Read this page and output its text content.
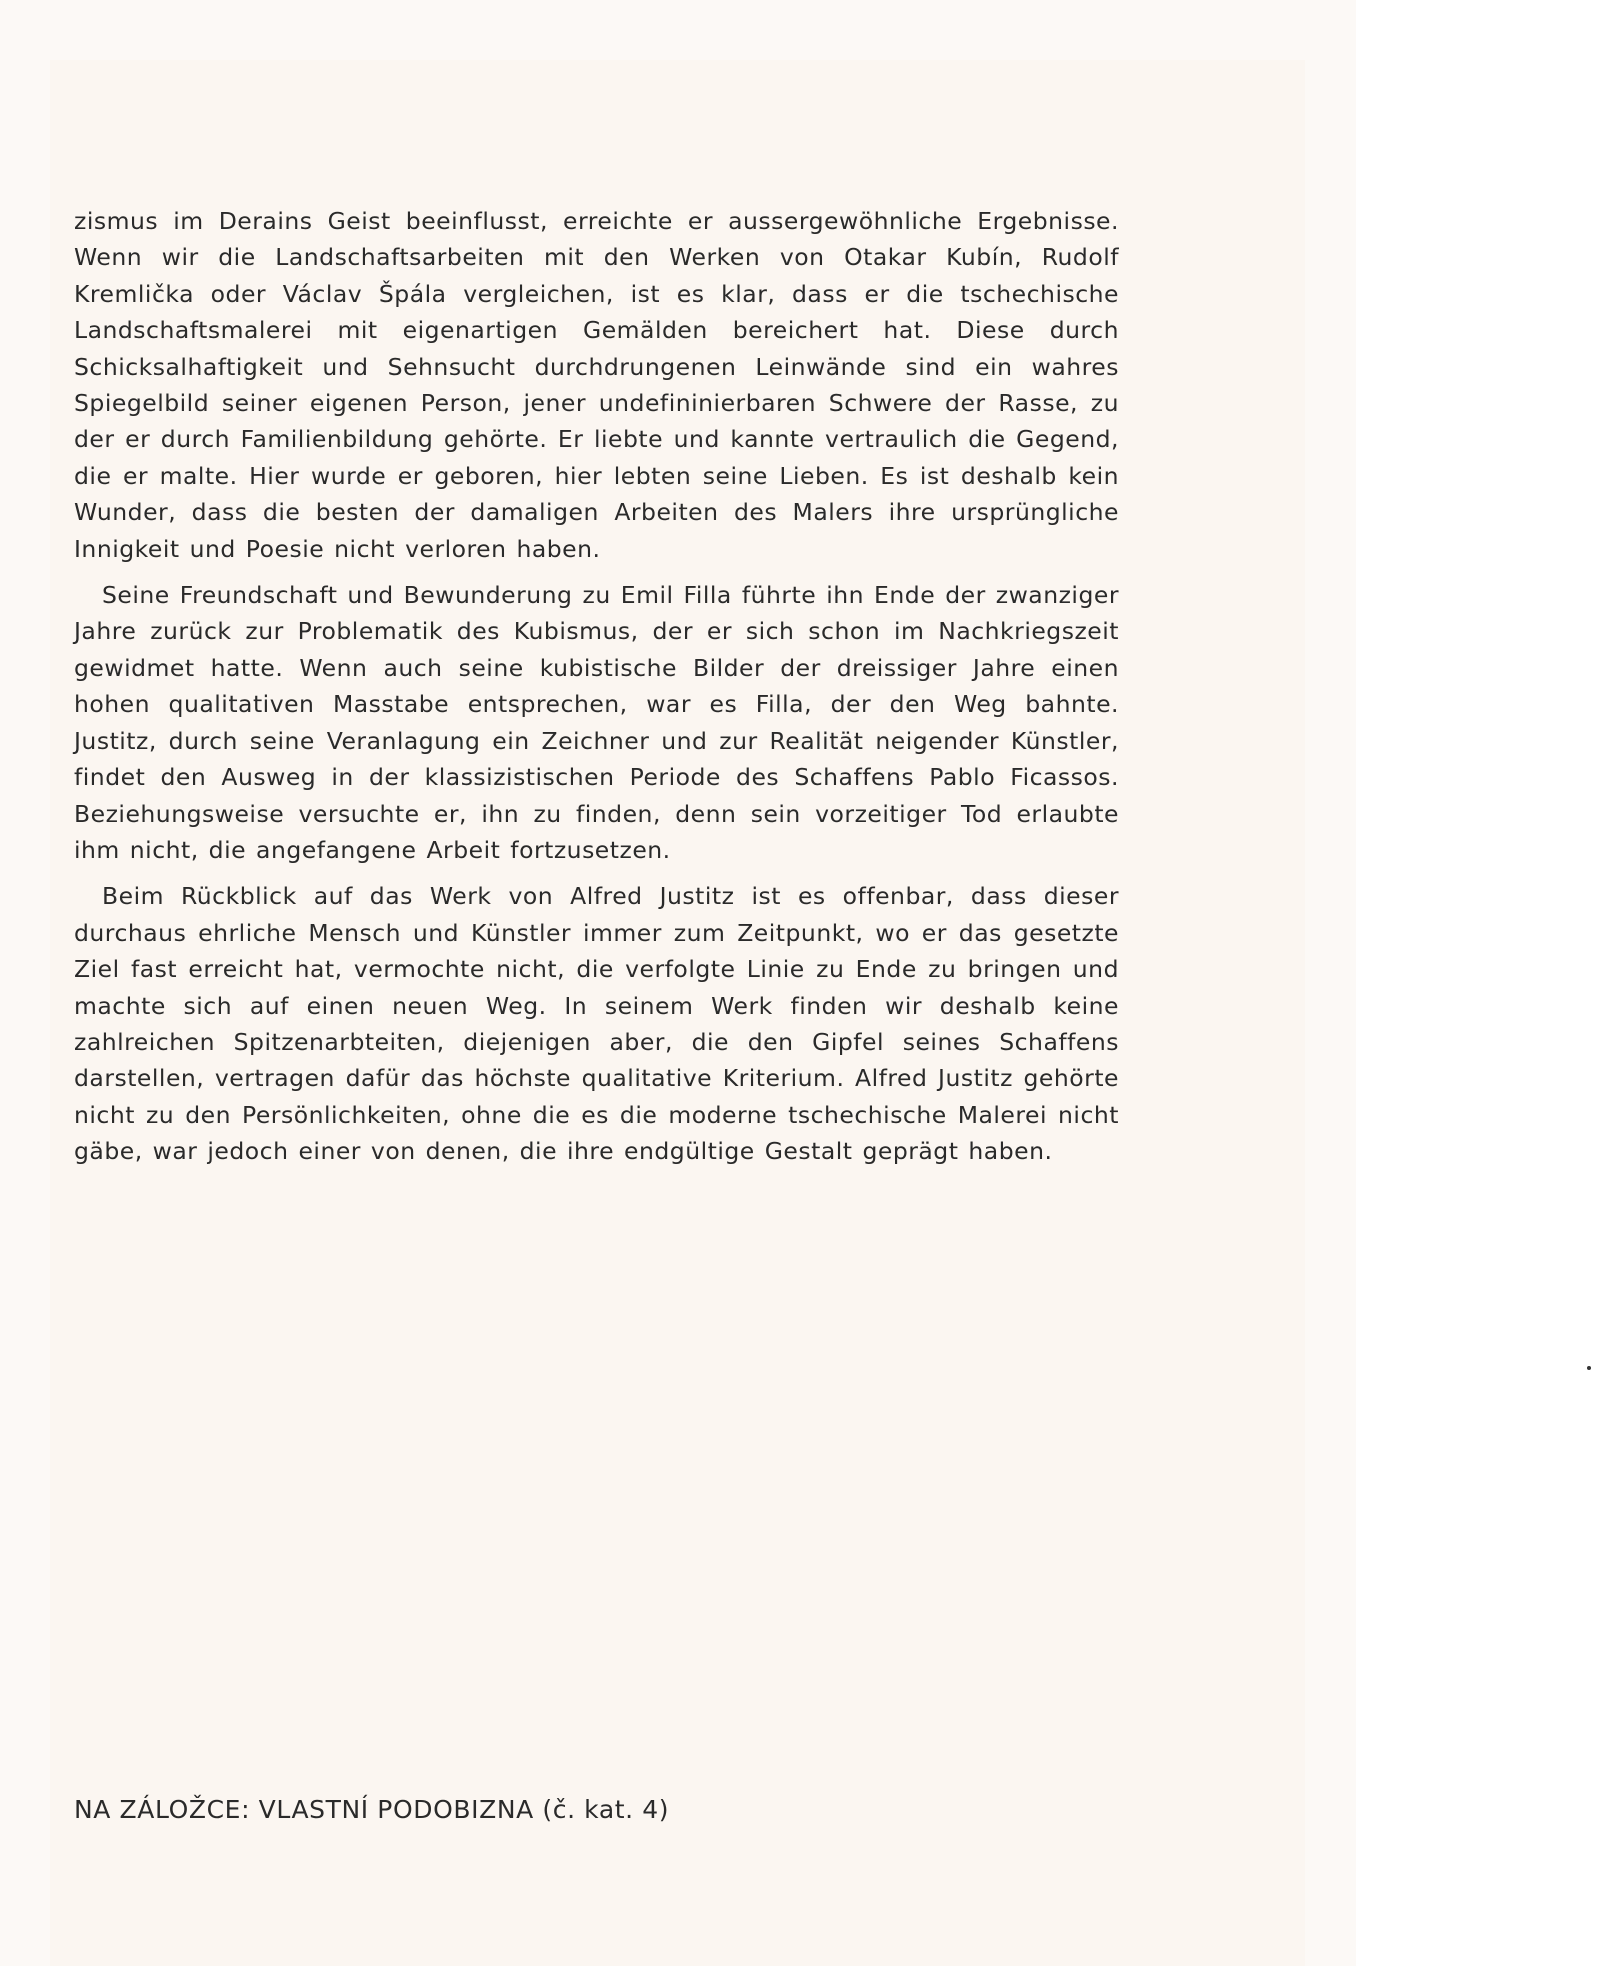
zismus im Derains Geist beeinflusst, erreichte er aussergewöhnliche Ergebnisse. Wenn wir die Landschaftsarbeiten mit den Werken von Otakar Kubín, Rudolf Kremlička oder Václav Špála vergleichen, ist es klar, dass er die tschechische Landschaftsmalerei mit eigenartigen Gemälden bereichert hat. Diese durch Schicksalhaftigkeit und Sehnsucht durchdrungenen Leinwände sind ein wahres Spiegelbild seiner eigenen Person, jener undefininierbaren Schwere der Rasse, zu der er durch Familienbildung gehörte. Er liebte und kannte vertraulich die Gegend, die er malte. Hier wurde er geboren, hier lebten seine Lieben. Es ist deshalb kein Wunder, dass die besten der damaligen Arbeiten des Malers ihre ursprüngliche Innigkeit und Poesie nicht verloren haben.

Seine Freundschaft und Bewunderung zu Emil Filla führte ihn Ende der zwanziger Jahre zurück zur Problematik des Kubismus, der er sich schon im Nachkriegszeit gewidmet hatte. Wenn auch seine kubistische Bilder der dreissiger Jahre einen hohen qualitativen Masstabe entsprechen, war es Filla, der den Weg bahnte. Justitz, durch seine Veranlagung ein Zeichner und zur Realität neigender Künstler, findet den Ausweg in der klassizistischen Periode des Schaffens Pablo Ficassos. Beziehungsweise versuchte er, ihn zu finden, denn sein vorzeitiger Tod erlaubte ihm nicht, die angefangene Arbeit fortzusetzen.

Beim Rückblick auf das Werk von Alfred Justitz ist es offenbar, dass dieser durchaus ehrliche Mensch und Künstler immer zum Zeitpunkt, wo er das gesetzte Ziel fast erreicht hat, vermochte nicht, die verfolgte Linie zu Ende zu bringen und machte sich auf einen neuen Weg. In seinem Werk finden wir deshalb keine zahlreichen Spitzenarbteiten, diejenigen aber, die den Gipfel seines Schaffens darstellen, vertragen dafür das höchste qualitative Kriterium. Alfred Justitz gehörte nicht zu den Persönlichkeiten, ohne die es die moderne tschechische Malerei nicht gäbe, war jedoch einer von denen, die ihre endgültige Gestalt geprägt haben.

NA ZÁLOŽCE: VLASTNÍ PODOBIZNA (č. kat. 4)
